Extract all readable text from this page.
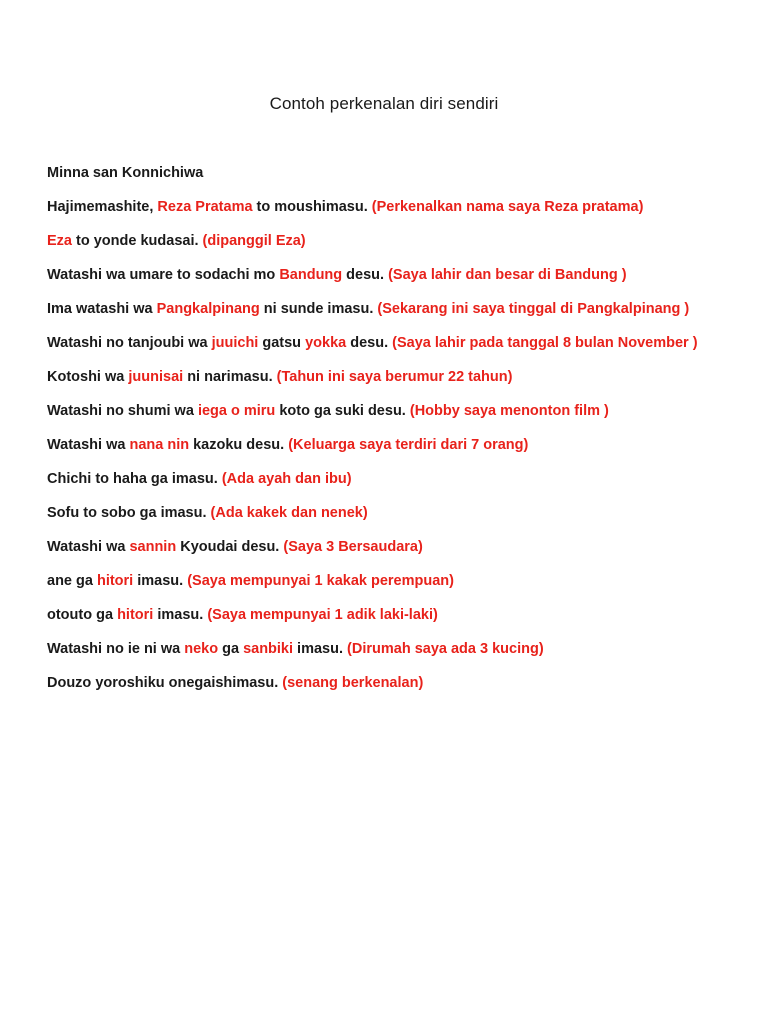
Contoh perkenalan diri sendiri
Minna san Konnichiwa
Hajimemashite, Reza Pratama to moushimasu. (Perkenalkan nama saya Reza pratama)
Eza to yonde kudasai. (dipanggil Eza)
Watashi wa umare to sodachi mo Bandung desu. (Saya lahir dan besar di Bandung )
Ima watashi wa Pangkalpinang ni sunde imasu. (Sekarang ini saya tinggal di Pangkalpinang )
Watashi no tanjoubi wa juuichi gatsu yokka desu. (Saya lahir pada tanggal 8 bulan November )
Kotoshi wa juunisai ni narimasu. (Tahun ini saya berumur 22 tahun)
Watashi no shumi wa iega o miru koto ga suki desu. (Hobby saya menonton film )
Watashi wa nana nin kazoku desu. (Keluarga saya terdiri dari 7 orang)
Chichi to haha ga imasu. (Ada ayah dan ibu)
Sofu to sobo ga imasu. (Ada kakek dan nenek)
Watashi wa sannin Kyoudai desu. (Saya 3 Bersaudara)
ane ga hitori imasu. (Saya mempunyai 1 kakak perempuan)
otouto ga hitori imasu. (Saya mempunyai 1 adik laki-laki)
Watashi no ie ni wa neko ga sanbiki imasu. (Dirumah saya ada 3 kucing)
Douzo yoroshiku onegaishimasu. (senang berkenalan)
